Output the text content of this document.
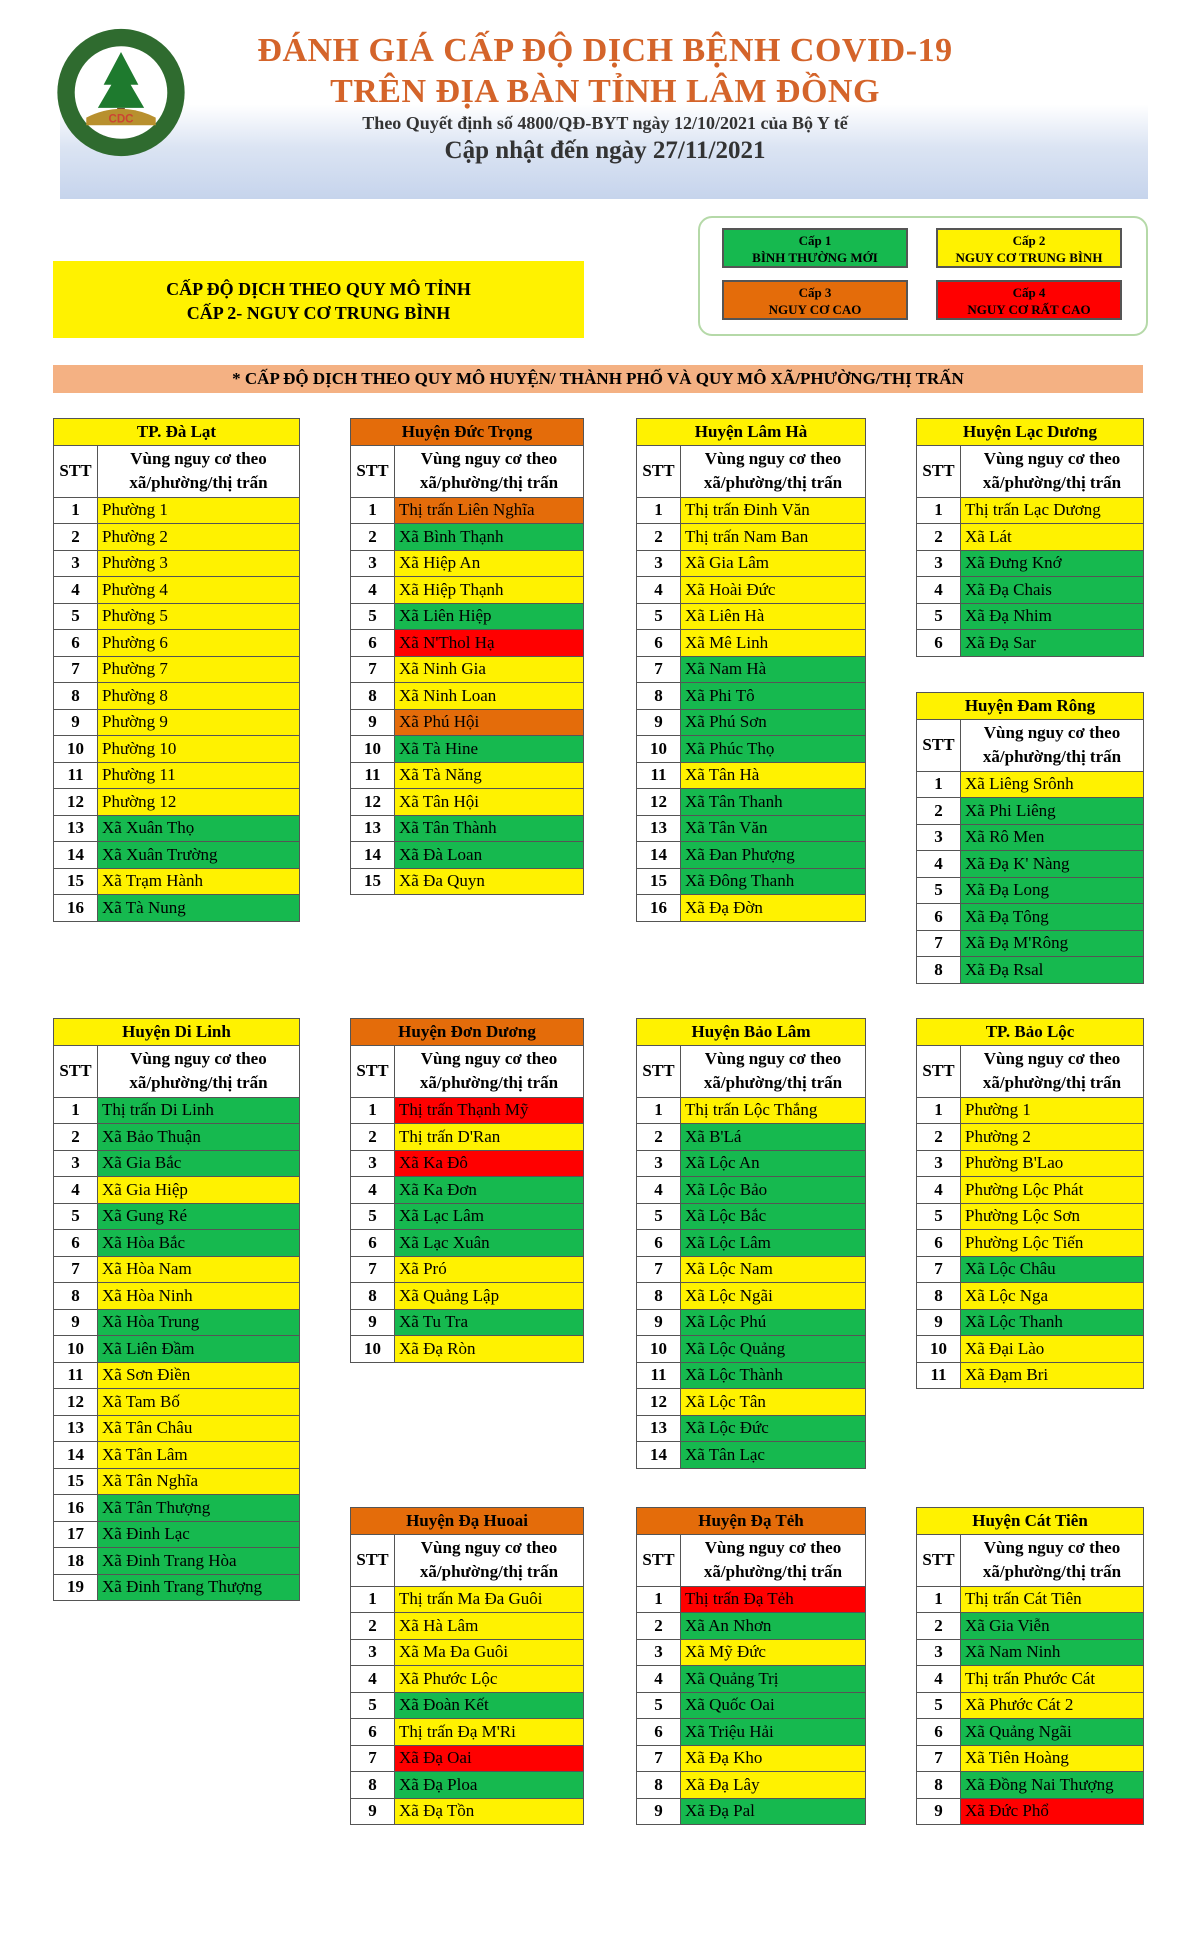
CDC
ĐÁNH GIÁ CẤP ĐỘ DỊCH BỆNH COVID-19
TRÊN ĐỊA BÀN TỈNH LÂM ĐỒNG
Theo Quyết định số 4800/QĐ-BYT ngày 12/10/2021 của Bộ Y tế
Cập nhật đến ngày 27/11/2021
Cấp 1
BÌNH THƯỜNG MỚI
Cấp 2
NGUY CƠ TRUNG BÌNH
Cấp 3
NGUY CƠ CAO
Cấp 4
NGUY CƠ RẤT CAO
CẤP ĐỘ DỊCH THEO QUY MÔ TỈNH
CẤP 2- NGUY CƠ TRUNG BÌNH
* CẤP ĐỘ DỊCH THEO QUY MÔ HUYỆN/ THÀNH PHỐ VÀ QUY MÔ XÃ/PHƯỜNG/THỊ TRẤN
TP. Đà Lạt	
STT	Vùng nguy cơ theo
xã/phường/thị trấn

1	Phường 1
2	Phường 2
3	Phường 3
4	Phường 4
5	Phường 5
6	Phường 6
7	Phường 7
8	Phường 8
9	Phường 9
10	Phường 10
11	Phường 11
12	Phường 12
13	Xã Xuân Thọ
14	Xã Xuân Trường
15	Xã Trạm Hành
16	Xã Tà Nung
Huyện Đức Trọng	
STT	Vùng nguy cơ theo
xã/phường/thị trấn

1	Thị trấn Liên Nghĩa
2	Xã Bình Thạnh
3	Xã Hiệp An
4	Xã Hiệp Thạnh
5	Xã Liên Hiệp
6	Xã N'Thol Hạ
7	Xã Ninh Gia
8	Xã Ninh Loan
9	Xã Phú Hội
10	Xã Tà Hine
11	Xã Tà Năng
12	Xã Tân Hội
13	Xã Tân Thành
14	Xã Đà Loan
15	Xã Đa Quyn
Huyện Lâm Hà	
STT	Vùng nguy cơ theo
xã/phường/thị trấn

1	Thị trấn Đinh Văn
2	Thị trấn Nam Ban
3	Xã Gia Lâm
4	Xã Hoài Đức
5	Xã Liên Hà
6	Xã Mê Linh
7	Xã Nam Hà
8	Xã Phi Tô
9	Xã Phú Sơn
10	Xã Phúc Thọ
11	Xã Tân Hà
12	Xã Tân Thanh
13	Xã Tân Văn
14	Xã Đan Phượng
15	Xã Đông Thanh
16	Xã Đạ Đờn
Huyện Lạc Dương	
STT	Vùng nguy cơ theo
xã/phường/thị trấn

1	Thị trấn Lạc Dương
2	Xã Lát
3	Xã Đưng Knớ
4	Xã Đạ Chais
5	Xã Đạ Nhim
6	Xã Đạ Sar
Huyện Đam Rông	
STT	Vùng nguy cơ theo
xã/phường/thị trấn

1	Xã Liêng Srônh
2	Xã Phi Liêng
3	Xã Rô Men
4	Xã Đạ K' Nàng
5	Xã Đạ Long
6	Xã Đạ Tông
7	Xã Đạ M'Rông
8	Xã Đạ Rsal
Huyện Di Linh	
STT	Vùng nguy cơ theo
xã/phường/thị trấn

1	Thị trấn Di Linh
2	Xã Bảo Thuận
3	Xã Gia Bắc
4	Xã Gia Hiệp
5	Xã Gung Ré
6	Xã Hòa Bắc
7	Xã Hòa Nam
8	Xã Hòa Ninh
9	Xã Hòa Trung
10	Xã Liên Đầm
11	Xã Sơn Điền
12	Xã Tam Bố
13	Xã Tân Châu
14	Xã Tân Lâm
15	Xã Tân Nghĩa
16	Xã Tân Thượng
17	Xã Đinh Lạc
18	Xã Đinh Trang Hòa
19	Xã Đinh Trang Thượng
Huyện Đơn Dương	
STT	Vùng nguy cơ theo
xã/phường/thị trấn

1	Thị trấn Thạnh Mỹ
2	Thị trấn D'Ran
3	Xã Ka Đô
4	Xã Ka Đơn
5	Xã Lạc Lâm
6	Xã Lạc Xuân
7	Xã Pró
8	Xã Quảng Lập
9	Xã Tu Tra
10	Xã Đạ Ròn
Huyện Bảo Lâm	
STT	Vùng nguy cơ theo
xã/phường/thị trấn

1	Thị trấn Lộc Thắng
2	Xã B'Lá
3	Xã Lộc An
4	Xã Lộc Bảo
5	Xã Lộc Bắc
6	Xã Lộc Lâm
7	Xã Lộc Nam
8	Xã Lộc Ngãi
9	Xã Lộc Phú
10	Xã Lộc Quảng
11	Xã Lộc Thành
12	Xã Lộc Tân
13	Xã Lộc Đức
14	Xã Tân Lạc
TP. Bảo Lộc	
STT	Vùng nguy cơ theo
xã/phường/thị trấn

1	Phường 1
2	Phường 2
3	Phường B'Lao
4	Phường Lộc Phát
5	Phường Lộc Sơn
6	Phường Lộc Tiến
7	Xã Lộc Châu
8	Xã Lộc Nga
9	Xã Lộc Thanh
10	Xã Đại Lào
11	Xã Đạm Bri
Huyện Đạ Huoai	
STT	Vùng nguy cơ theo
xã/phường/thị trấn

1	Thị trấn Ma Đa Guôi
2	Xã Hà Lâm
3	Xã Ma Đa Guôi
4	Xã Phước Lộc
5	Xã Đoàn Kết
6	Thị trấn Đạ M'Ri
7	Xã Đạ Oai
8	Xã Đạ Ploa
9	Xã Đạ Tồn
Huyện Đạ Tẻh	
STT	Vùng nguy cơ theo
xã/phường/thị trấn

1	Thị trấn Đạ Tẻh
2	Xã An Nhơn
3	Xã Mỹ Đức
4	Xã Quảng Trị
5	Xã Quốc Oai
6	Xã Triệu Hải
7	Xã Đạ Kho
8	Xã Đạ Lây
9	Xã Đạ Pal
Huyện Cát Tiên	
STT	Vùng nguy cơ theo
xã/phường/thị trấn

1	Thị trấn Cát Tiên
2	Xã Gia Viễn
3	Xã Nam Ninh
4	Thị trấn Phước Cát
5	Xã Phước Cát 2
6	Xã Quảng Ngãi
7	Xã Tiên Hoàng
8	Xã Đồng Nai Thượng
9	Xã Đức Phổ
